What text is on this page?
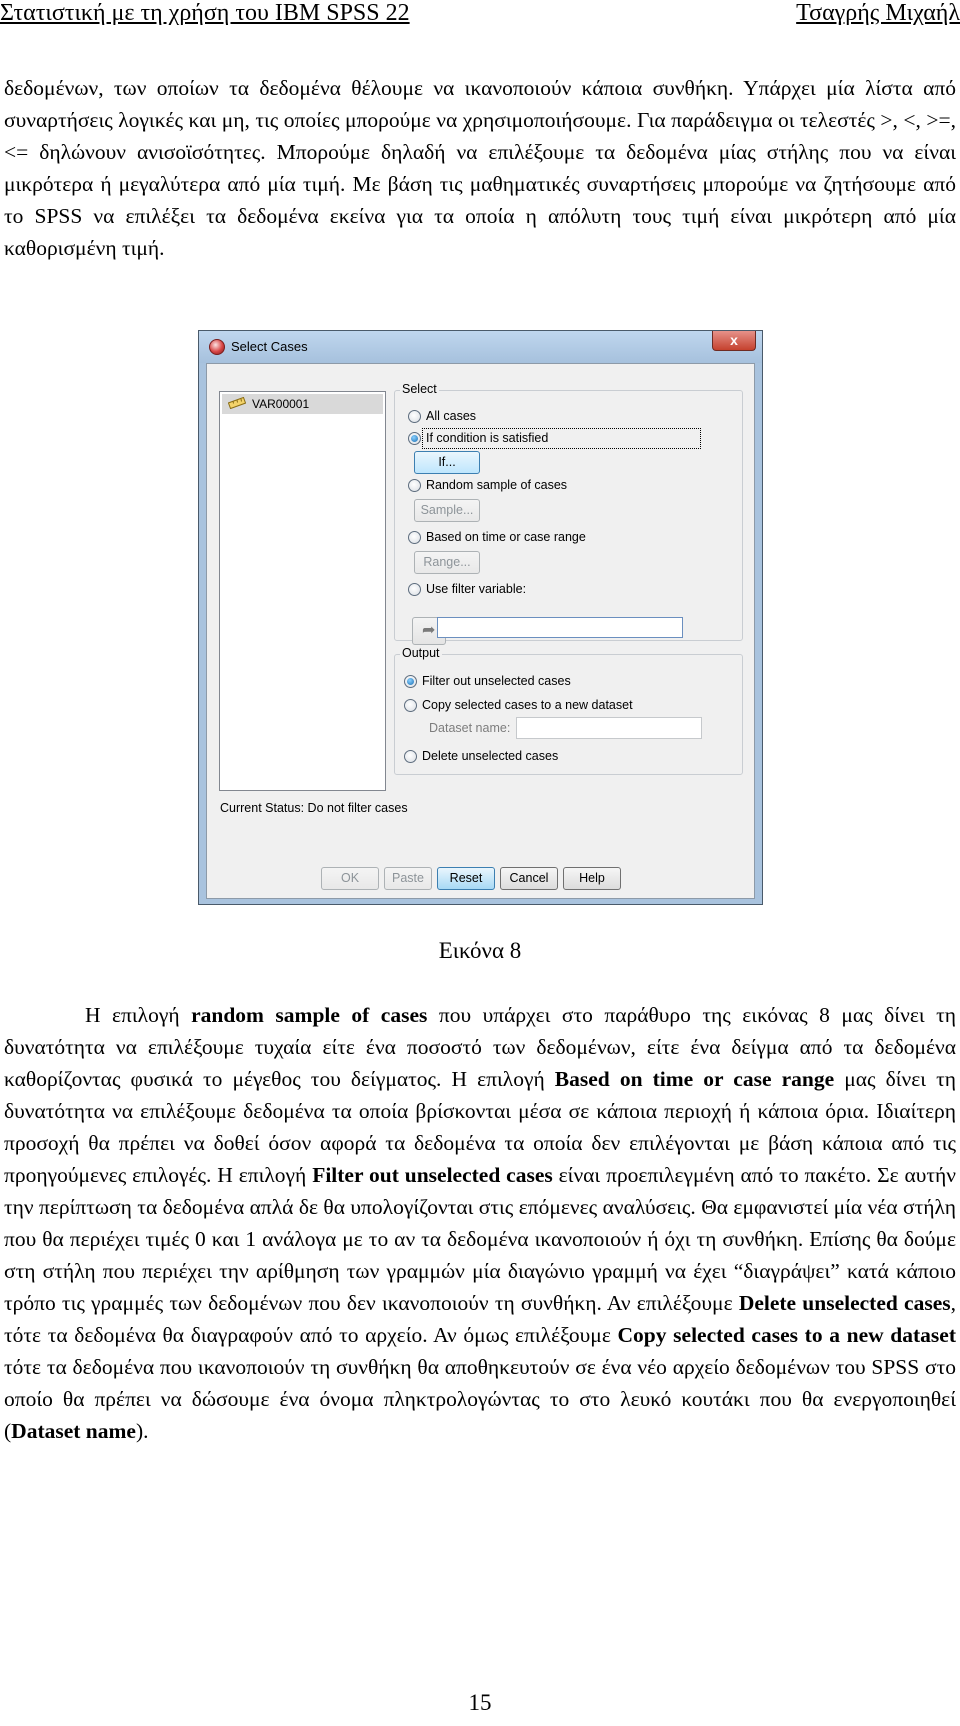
Στατιστική με τη χρήση του IBM SPSS 22	Τσαγρής Μιχαήλ

δεδομένων, των οποίων τα δεδομένα θέλουμε να ικανοποιούν κάποια συνθήκη. Υπάρχει μία λίστα από συναρτήσεις λογικές και μη, τις οποίες μπορούμε να χρησιμοποιήσουμε. Για παράδειγμα οι τελεστές >, <, >=, <= δηλώνουν ανισοϊσότητες. Μπορούμε δηλαδή να επιλέξουμε τα δεδομένα μίας στήλης που να είναι μικρότερα ή μεγαλύτερα από μία τιμή. Με βάση τις μαθηματικές συναρτήσεις μπορούμε να ζητήσουμε από το SPSS να επιλέξει τα δεδομένα εκείνα για τα οποία η απόλυτη τους τιμή είναι μικρότερη από μία καθορισμένη τιμή.

Select Cases	x
VAR00001
Select
All cases
If condition is satisfied
If...
Random sample of cases
Sample...
Based on time or case range
Range...
Use filter variable:
➦
Output
Filter out unselected cases
Copy selected cases to a new dataset
Dataset name:
Delete unselected cases
Current Status: Do not filter cases
OK	Paste	Reset	Cancel	Help
Εικόνα 8

Η επιλογή random sample of cases που υπάρχει στο παράθυρο της εικόνας 8 μας δίνει τη δυνατότητα να επιλέξουμε τυχαία είτε ένα ποσοστό των δεδομένων, είτε ένα δείγμα από τα δεδομένα καθορίζοντας φυσικά το μέγεθος του δείγματος. Η επιλογή Based on time or case range μας δίνει τη δυνατότητα να επιλέξουμε δεδομένα τα οποία βρίσκονται μέσα σε κάποια περιοχή ή κάποια όρια. Ιδιαίτερη προσοχή θα πρέπει να δοθεί όσον αφορά τα δεδομένα τα οποία δεν επιλέγονται με βάση κάποια από τις προηγούμενες επιλογές. Η επιλογή Filter out unselected cases είναι προεπιλεγμένη από το πακέτο. Σε αυτήν την περίπτωση τα δεδομένα απλά δε θα υπολογίζονται στις επόμενες αναλύσεις. Θα εμφανιστεί μία νέα στήλη που θα περιέχει τιμές 0 και 1 ανάλογα με το αν τα δεδομένα ικανοποιούν ή όχι τη συνθήκη. Επίσης θα δούμε στη στήλη που περιέχει την αρίθμηση των γραμμών μία διαγώνιο γραμμή να έχει “διαγράψει” κατά κάποιο τρόπο τις γραμμές των δεδομένων που δεν ικανοποιούν τη συνθήκη. Αν επιλέξουμε Delete unselected cases, τότε τα δεδομένα θα διαγραφούν από το αρχείο. Αν όμως επιλέξουμε Copy selected cases to a new dataset τότε τα δεδομένα που ικανοποιούν τη συνθήκη θα αποθηκευτούν σε ένα νέο αρχείο δεδομένων του SPSS στο οποίο θα πρέπει να δώσουμε ένα όνομα πληκτρολογώντας το στο λευκό κουτάκι που θα ενεργοποιηθεί (Dataset name).

15
